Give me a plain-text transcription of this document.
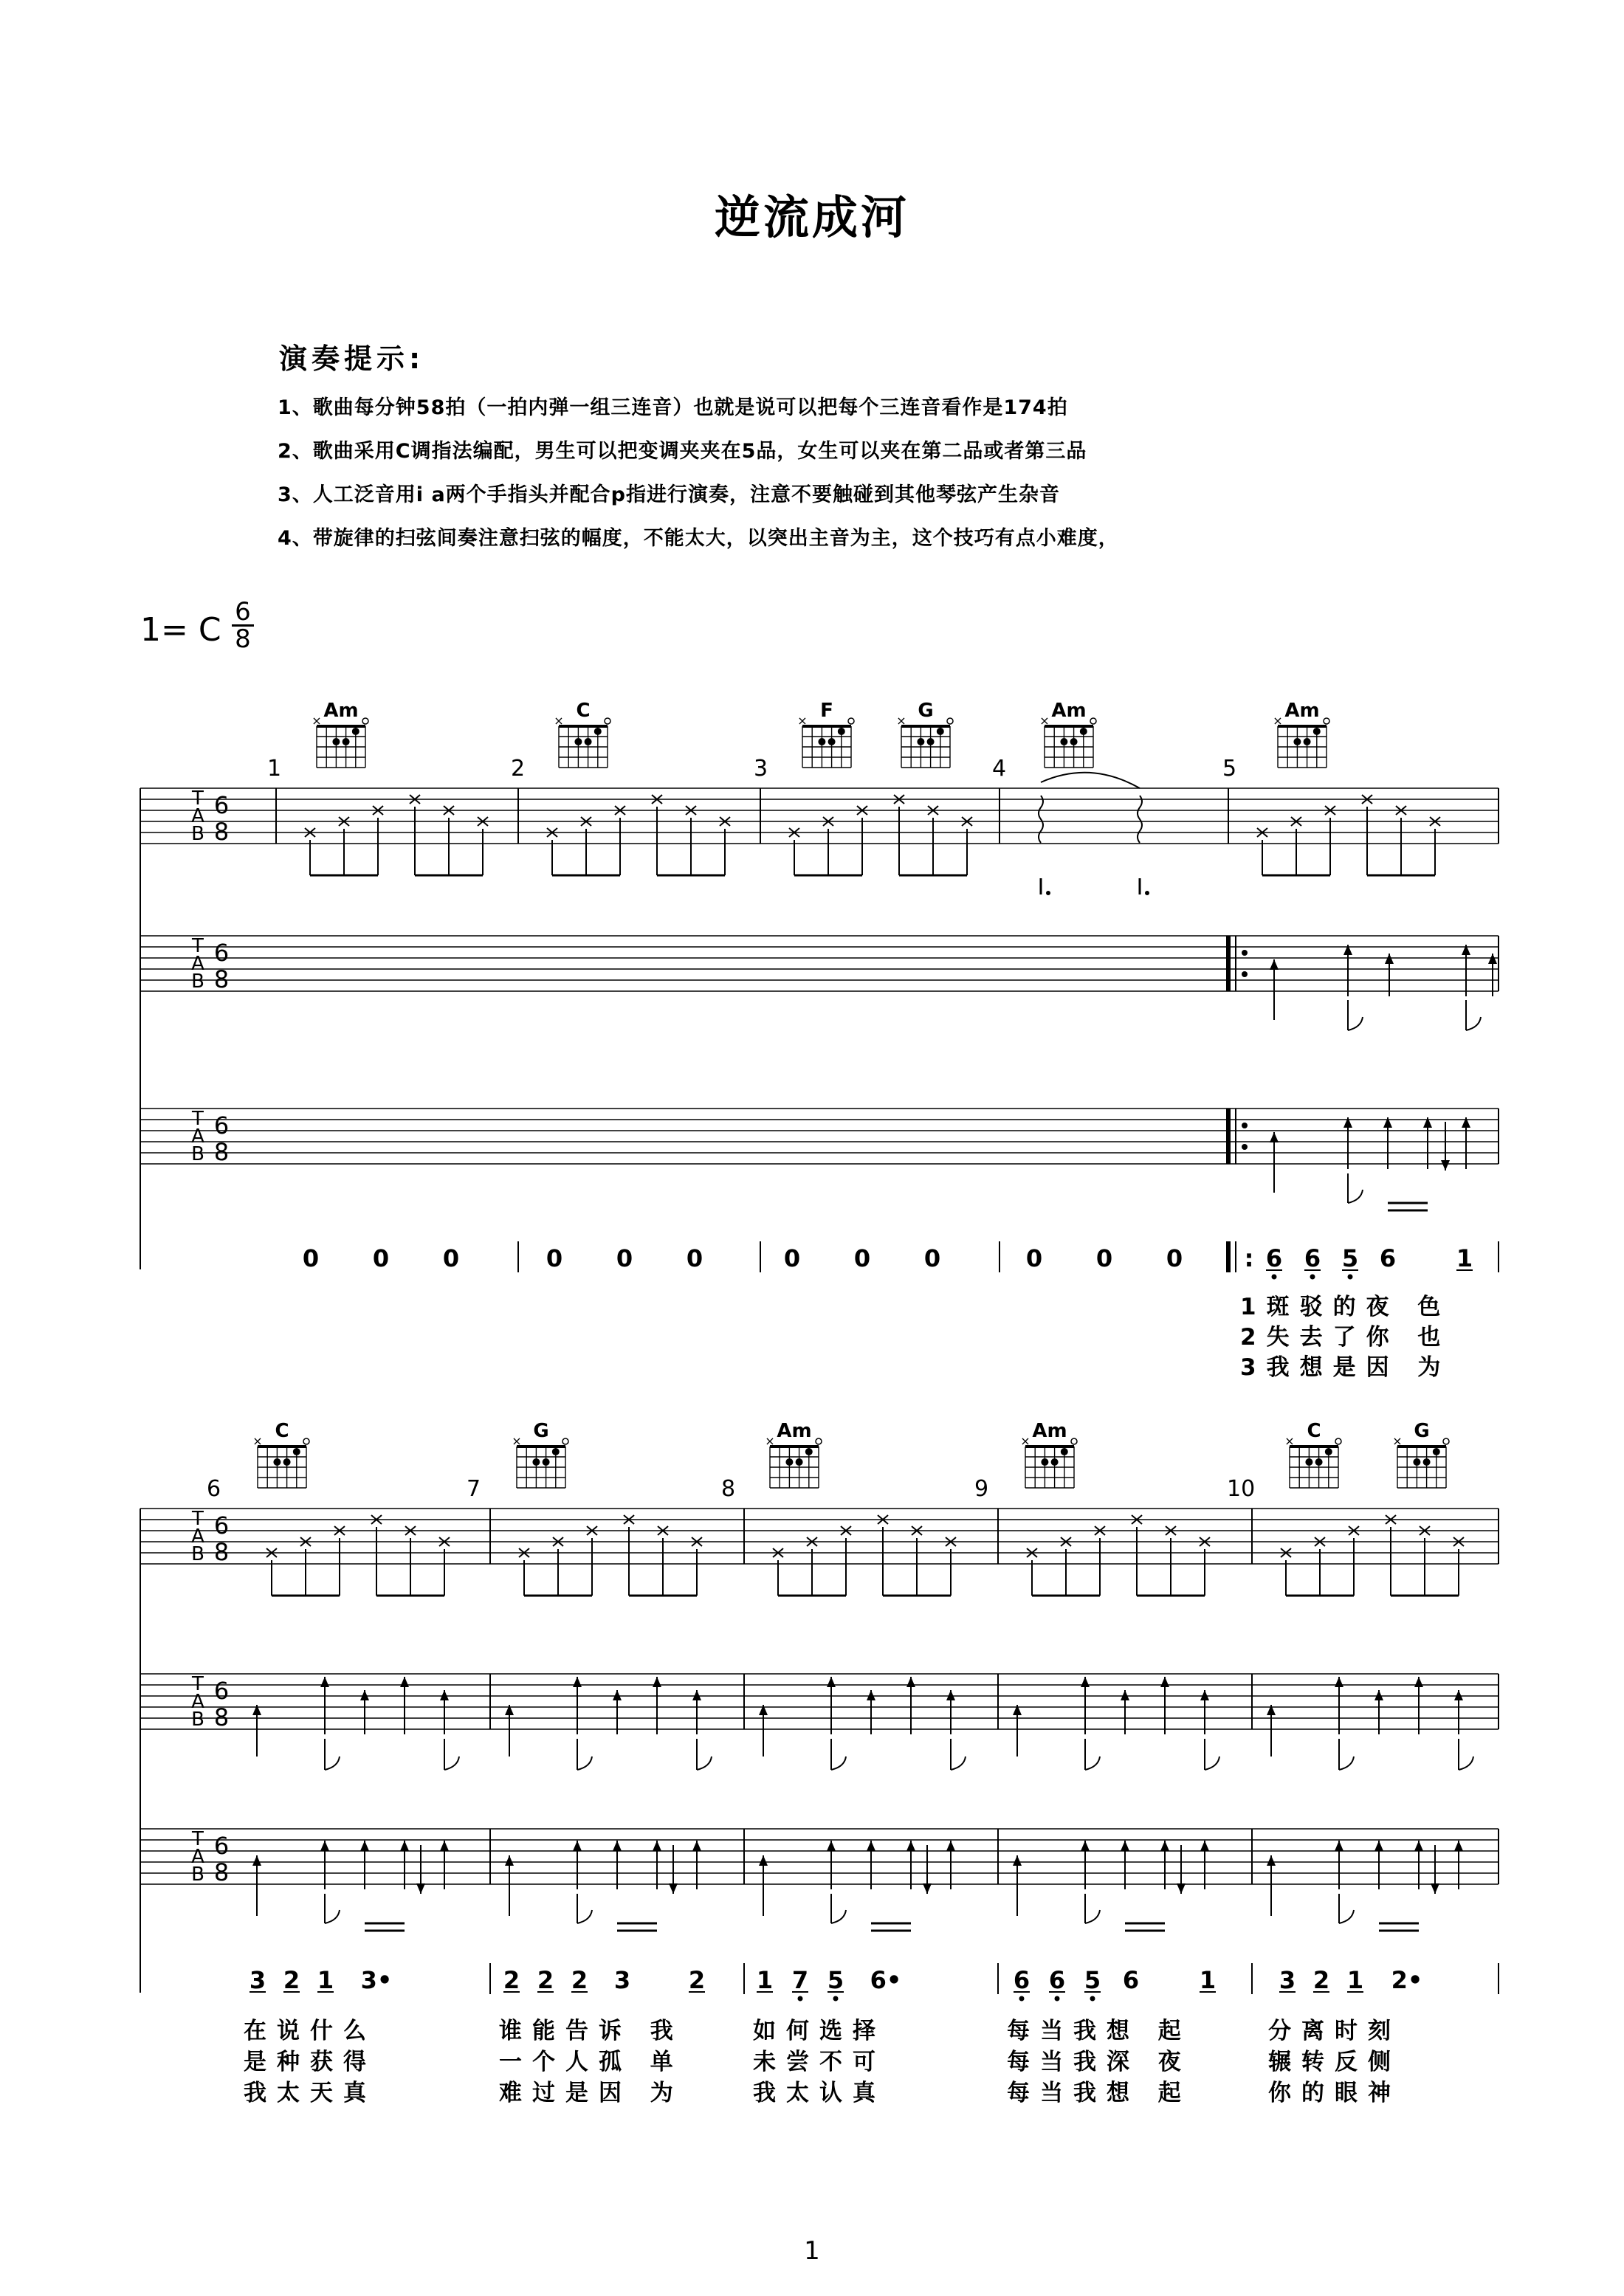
逆流成河
演奏提示:
1、歌曲每分钟58拍（一拍内弹一组三连音）也就是说可以把每个三连音看作是174拍
2、歌曲采用C调指法编配，男生可以把变调夹夹在5品，女生可以夹在第二品或者第三品
3、人工泛音用i a两个手指头并配合p指进行演奏，注意不要触碰到其他琴弦产生杂音
4、带旋律的扫弦间奏注意扫弦的幅度，不能太大，以突出主音为主，这个技巧有点小难度，
1= C 6
8
Am	C	F	G	Am	Am
1	2	3	4	5
0 0 0	0 0 0	0 0 0	0 0 0	: 6 6 5 6	1
1斑驳的夜 色
2失去了你 也
3我想是因 为
C	G	Am	Am	C	G
6	7	8	9	10
3 2 1 3•	2 2 2 3 2 1 7 5 6•	6 6 5 6	1	3 2 1 2•
在说什么	谁能告诉 我	如何选择	每当我想 起	分离时刻
是种获得	一个人孤 单	未尝不可	每当我深 夜	辗转反侧
我太天真	难过是因 为	我太认真	每当我想 起	你的眼神
1
T
A
B
6
8
T
A
B
6
8
T
A
B
6
8
×	×	×	×	×	×
T
A
B
6
8
T
A
B
6
8
T
A
B
6
8
×	×	×	×	×	×
